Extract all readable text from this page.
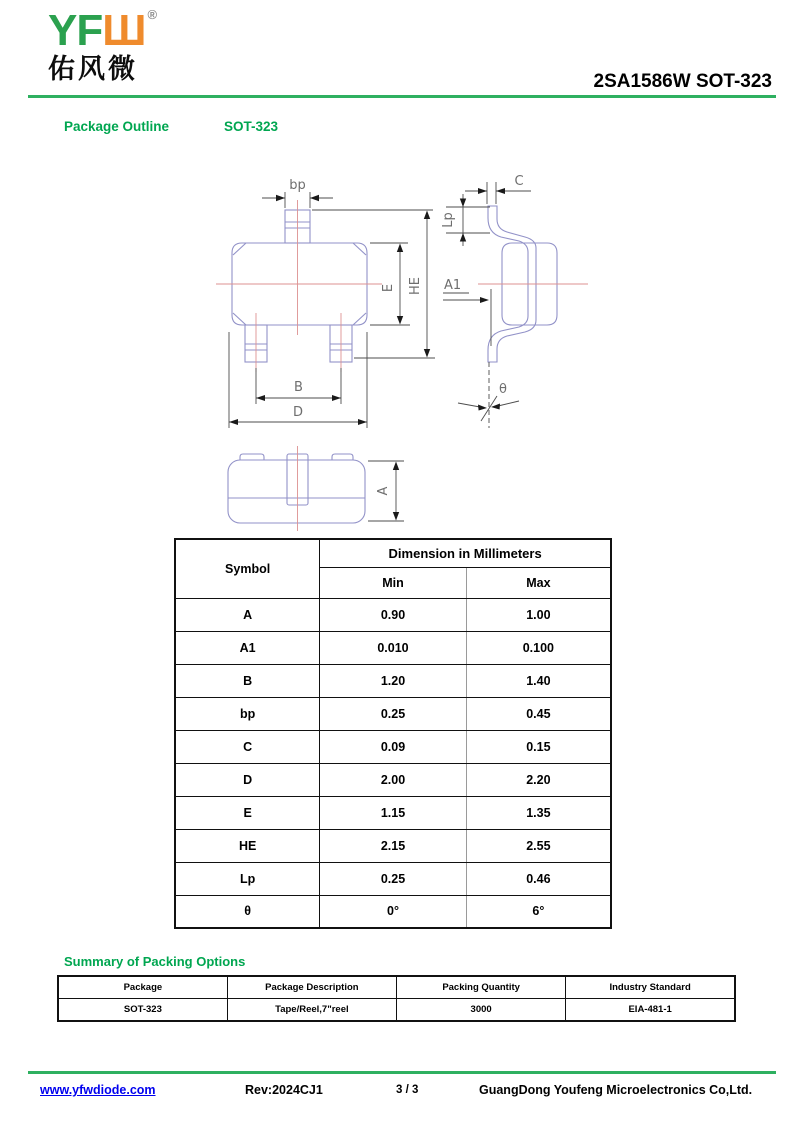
YFШ ®
佑风微	2SA1586W SOT-323
Package Outline	SOT-323
bp
E HE
B
D
C
Lp
A1
θ
A
Symbol	Dimension in Millimeters	
	Min	Max
A	0.90	1.00
A1	0.010	0.100
B	1.20	1.40
bp	0.25	0.45
C	0.09	0.15
D	2.00	2.20
E	1.15	1.35
HE	2.15	2.55
Lp	0.25	0.46
θ	0°	6°
Summary of Packing Options
Package	Package Description	Packing Quantity	Industry Standard
SOT-323	Tape/Reel,7"reel	3000	EIA-481-1
www.yfwdiode.com	Rev:2024CJ1	3 / 3	GuangDong Youfeng Microelectronics Co,Ltd.
